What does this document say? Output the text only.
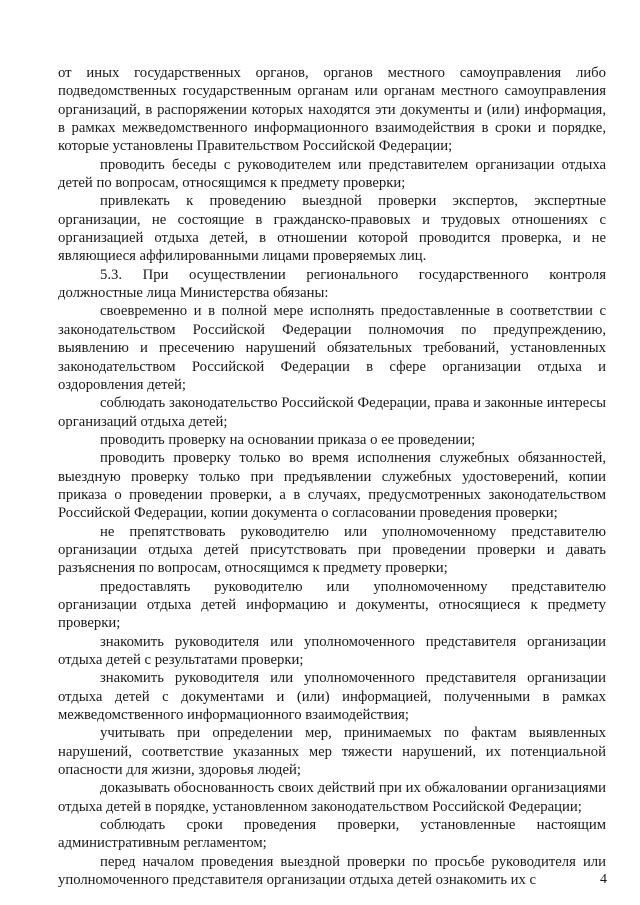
от иных государственных органов, органов местного самоуправления либо подведомственных государственным органам или органам местного самоуправления организаций, в распоряжении которых находятся эти документы и (или) информация, в рамках межведомственного информационного взаимодействия в сроки и порядке, которые установлены Правительством Российской Федерации;

проводить беседы с руководителем или представителем организации отдыха детей по вопросам, относящимся к предмету проверки;

привлекать к проведению выездной проверки экспертов, экспертные организации, не состоящие в гражданско-правовых и трудовых отношениях с организацией отдыха детей, в отношении которой проводится проверка, и не являющиеся аффилированными лицами проверяемых лиц.

5.3. При осуществлении регионального государственного контроля должностные лица Министерства обязаны:

своевременно и в полной мере исполнять предоставленные в соответствии с законодательством Российской Федерации полномочия по предупреждению, выявлению и пресечению нарушений обязательных требований, установленных законодательством Российской Федерации в сфере организации отдыха и оздоровления детей;

соблюдать законодательство Российской Федерации, права и законные интересы организаций отдыха детей;

проводить проверку на основании приказа о ее проведении;

проводить проверку только во время исполнения служебных обязанностей, выездную проверку только при предъявлении служебных удостоверений, копии приказа о проведении проверки, а в случаях, предусмотренных законодательством Российской Федерации, копии документа о согласовании проведения проверки;

не препятствовать руководителю или уполномоченному представителю организации отдыха детей присутствовать при проведении проверки и давать разъяснения по вопросам, относящимся к предмету проверки;

предоставлять руководителю или уполномоченному представителю организации отдыха детей информацию и документы, относящиеся к предмету проверки;

знакомить руководителя или уполномоченного представителя организации отдыха детей с результатами проверки;

знакомить руководителя или уполномоченного представителя организации отдыха детей с документами и (или) информацией, полученными в рамках межведомственного информационного взаимодействия;

учитывать при определении мер, принимаемых по фактам выявленных нарушений, соответствие указанных мер тяжести нарушений, их потенциальной опасности для жизни, здоровья людей;

доказывать обоснованность своих действий при их обжаловании организациями отдыха детей в порядке, установленном законодательством Российской Федерации;

соблюдать сроки проведения проверки, установленные настоящим административным регламентом;

перед началом проведения выездной проверки по просьбе руководителя или уполномоченного представителя организации отдыха детей ознакомить их с	4
